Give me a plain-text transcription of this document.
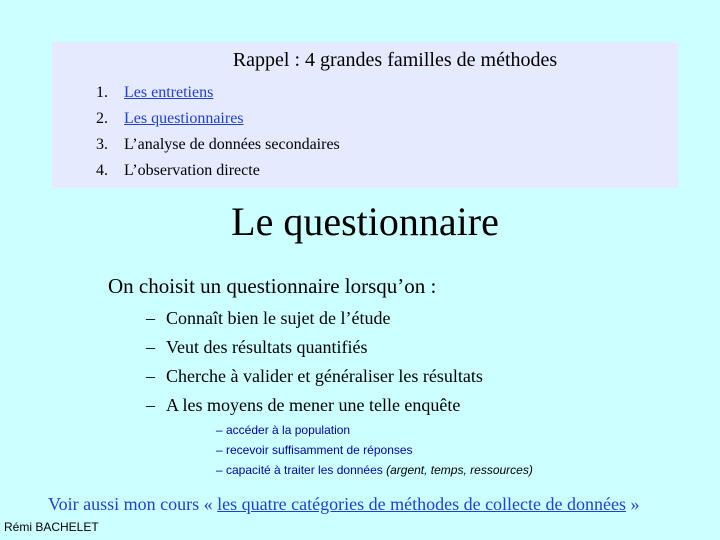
Rappel : 4 grandes familles de méthodes
1.	Les entretiens
2.	Les questionnaires
3.	L’analyse de données secondaires
4.	L’observation directe
Le questionnaire
On choisit un questionnaire lorsqu’on :
– Connaît bien le sujet de l’étude
– Veut des résultats quantifiés
– Cherche à valider et généraliser les résultats
– A les moyens de mener une telle enquête
– accéder à la population
– recevoir suffisamment de réponses
– capacité à traiter les données (argent, temps, ressources)
Voir aussi mon cours « les quatre catégories de méthodes de collecte de données »
Rémi BACHELET
